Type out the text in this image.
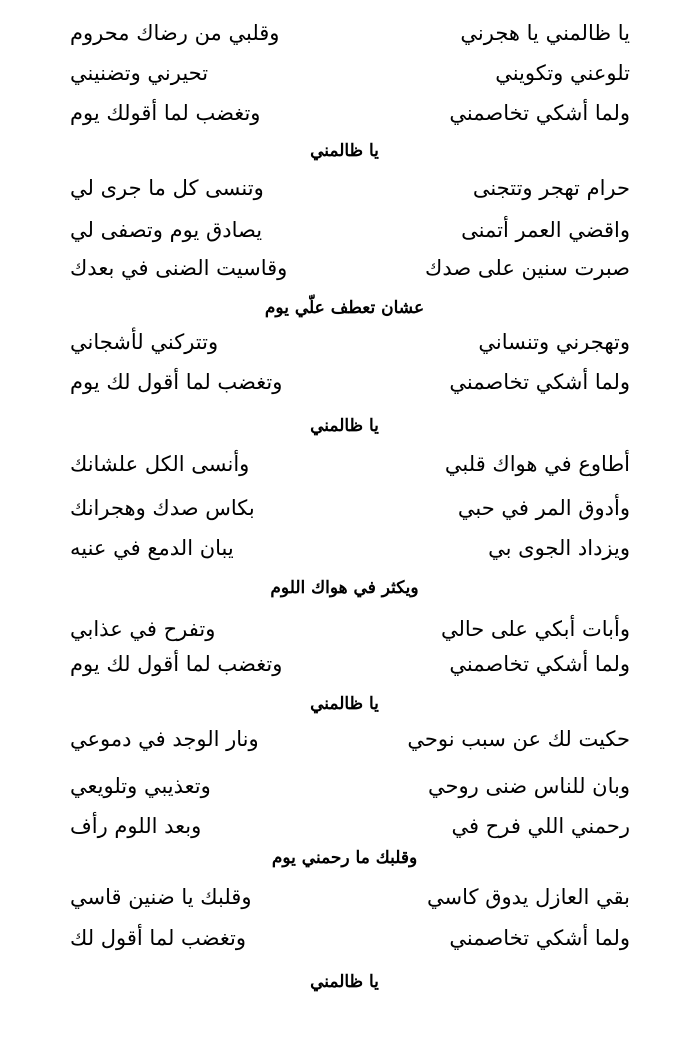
يا ظالمني يا هجرني
وقلبي من رضاك محروم
تلوعني وتكويني
تحيرني وتضنيني
ولما أشكي تخاصمني
وتغضب لما أقولك يوم
يا ظالمني
حرام تهجر وتتجنى
وتنسى كل ما جرى لي
واقضي العمر أتمنى
يصادق يوم وتصفى لي
صبرت سنين على صدك
وقاسيت الضنى في بعدك
عشان تعطف علّي يوم
وتهجرني وتنساني
وتتركني لأشجاني
ولما أشكي تخاصمني
وتغضب لما أقول لك يوم
يا ظالمني
أطاوع في هواك قلبي
وأنسى الكل علشانك
وأدوق المر في حبي
بكاس صدك وهجرانك
ويزداد الجوى بي
يبان الدمع في عنيه
ويكثر في هواك اللوم
وأبات أبكي على حالي
وتفرح في عذابي
ولما أشكي تخاصمني
وتغضب لما أقول لك يوم
يا ظالمني
حكيت لك عن سبب نوحي
ونار الوجد في دموعي
وبان للناس ضنى روحي
وتعذيبي وتلويعي
رحمني اللي فرح في
وبعد اللوم رأف
وقلبك ما رحمني يوم
بقي العازل يدوق كاسي
وقلبك يا ضنين قاسي
ولما أشكي تخاصمني
وتغضب لما أقول لك
يا ظالمني
